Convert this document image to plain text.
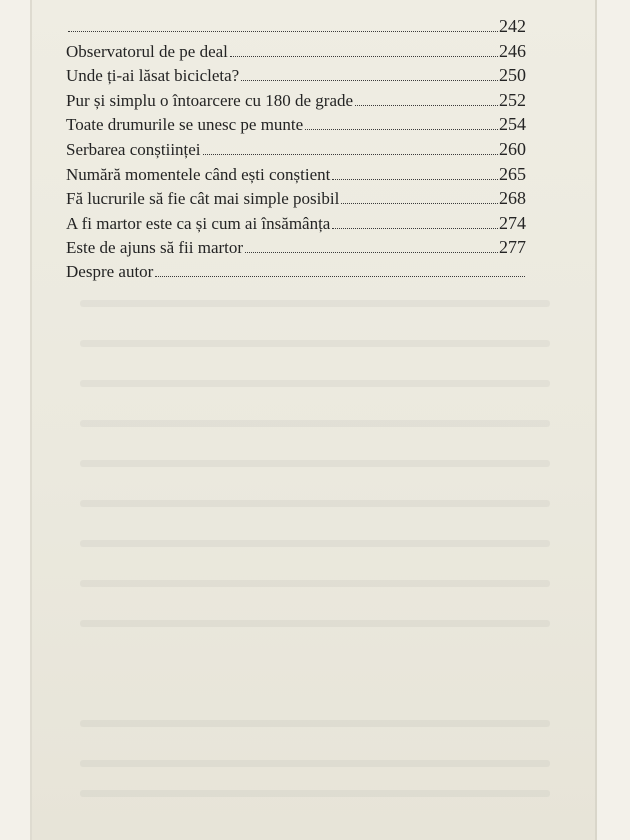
242
Observatorul de pe deal	246
Unde ți-ai lăsat bicicleta?	250
Pur și simplu o întoarcere cu 180 de grade	252
Toate drumurile se unesc pe munte	254
Serbarea conștiinței	260
Numără momentele când ești conștient	265
Fă lucrurile să fie cât mai simple posibil	268
A fi martor este ca și cum ai însămânța	274
Este de ajuns să fii martor	277
Despre autor
